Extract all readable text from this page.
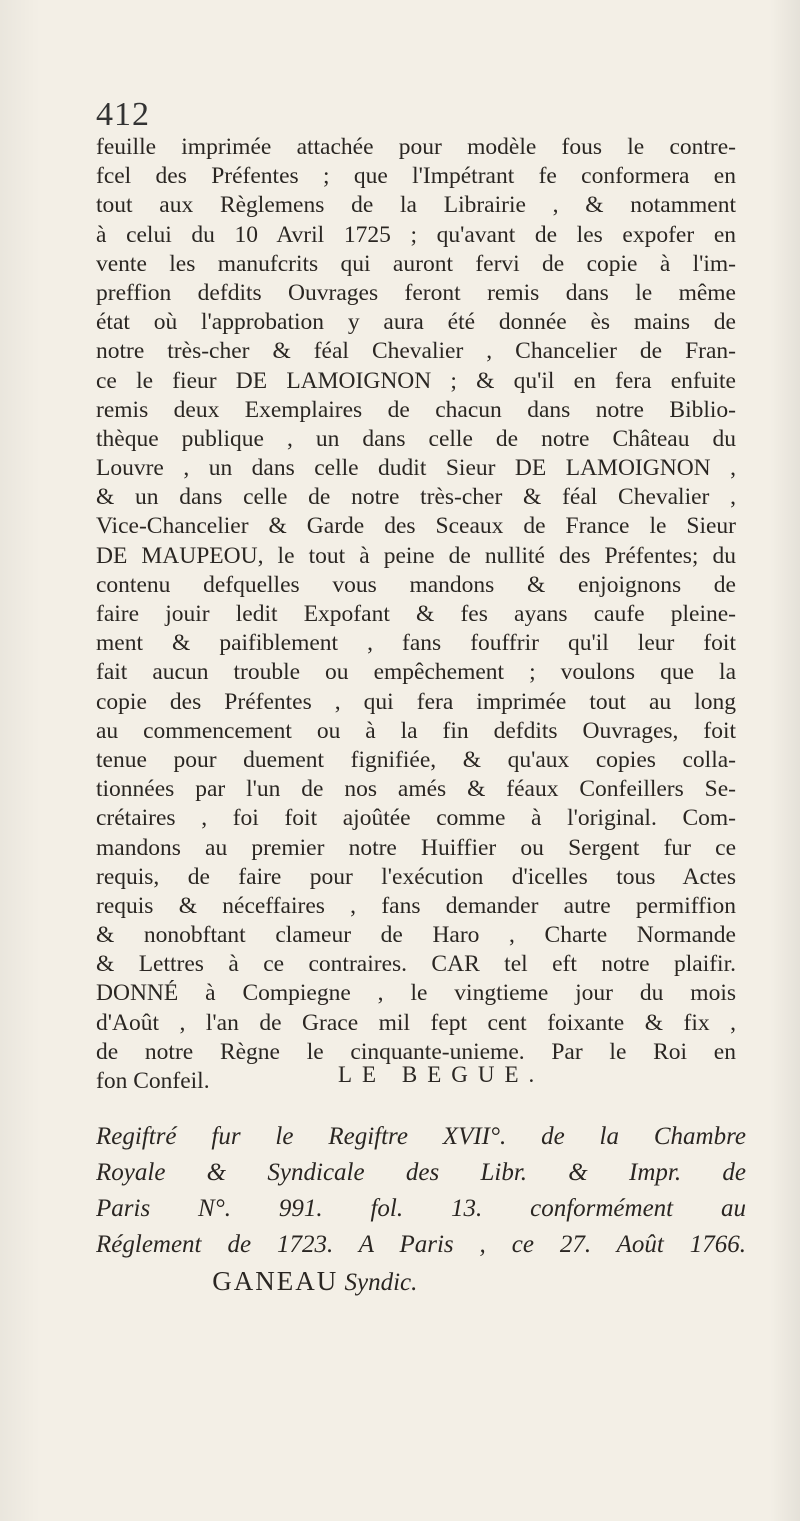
412
feuille imprimée attachée pour modèle fous le contre-
fcel des Préfentes ; que l'Impétrant fe conformera en
tout aux Règlemens de la Librairie , & notamment
à celui du 10 Avril 1725 ; qu'avant de les expofer en
vente les manufcrits qui auront fervi de copie à l'im-
preffion defdits Ouvrages feront remis dans le même
état où l'approbation y aura été donnée ès mains de
notre très-cher & féal Chevalier , Chancelier de Fran-
ce le fieur DE LAMOIGNON ; & qu'il en fera enfuite
remis deux Exemplaires de chacun dans notre Biblio-
thèque publique , un dans celle de notre Château du
Louvre , un dans celle dudit Sieur DE LAMOIGNON ,
& un dans celle de notre très-cher & féal Chevalier ,
Vice-Chancelier & Garde des Sceaux de France le Sieur
DE MAUPEOU, le tout à peine de nullité des Préfentes; du
contenu defquelles vous mandons & enjoignons de
faire jouir ledit Expofant & fes ayans caufe pleine-
ment & paifiblement , fans fouffrir qu'il leur foit
fait aucun trouble ou empêchement ; voulons que la
copie des Préfentes , qui fera imprimée tout au long
au commencement ou à la fin defdits Ouvrages, foit
tenue pour duement fignifiée, & qu'aux copies colla-
tionnées par l'un de nos amés & féaux Confeillers Se-
crétaires , foi foit ajoûtée comme à l'original. Com-
mandons au premier notre Huiffier ou Sergent fur ce
requis, de faire pour l'exécution d'icelles tous Actes
requis & néceffaires , fans demander autre permiffion
& nonobftant clameur de Haro , Charte Normande
& Lettres à ce contraires. CAR tel eft notre plaifir.
DONNÉ à Compiegne , le vingtieme jour du mois
d'Août , l'an de Grace mil fept cent foixante & fix ,
de notre Règne le cinquante-unieme. Par le Roi en
fon Confeil.	LE BEGUE.
Regiftré fur le Regiftre XVII°. de la Chambre
Royale & Syndicale des Libr. & Impr. de
Paris N°. 991. fol. 13. conformément au
Réglement de 1723. A Paris , ce 27. Août 1766.
GANEAU Syndic.
